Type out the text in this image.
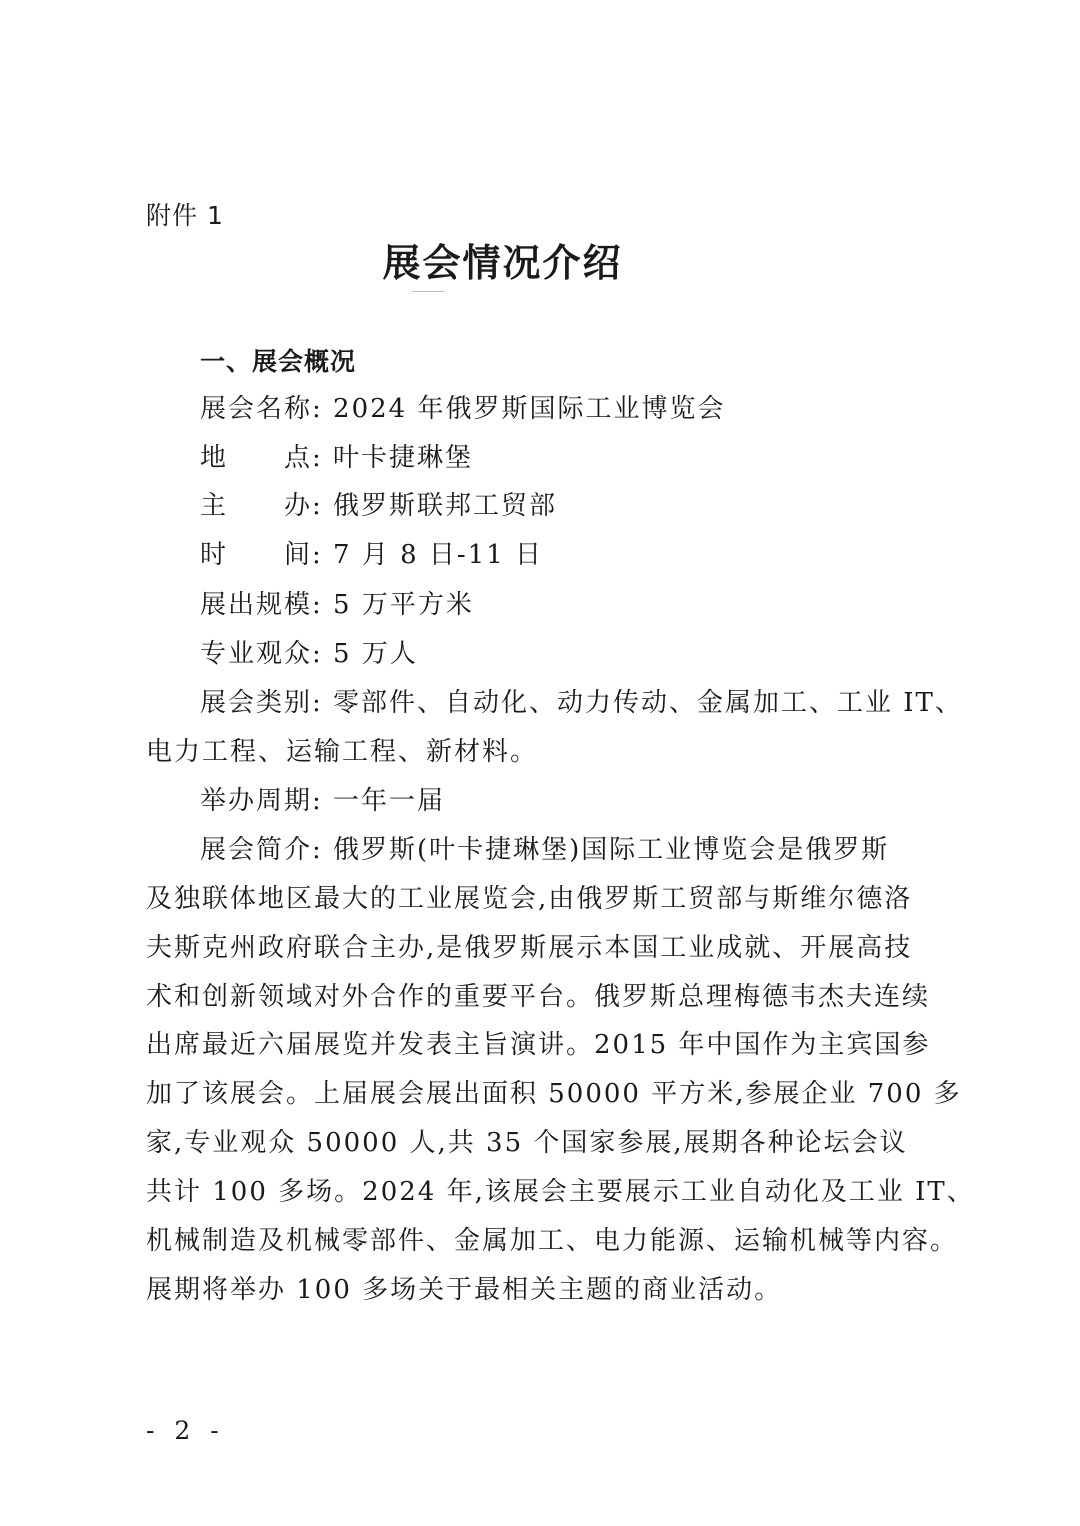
附件 1
展会情况介绍
一、展会概况
展会名称: 2024 年俄罗斯国际工业博览会
地　　点: 叶卡捷琳堡
主　　办: 俄罗斯联邦工贸部
时　　间: 7 月 8 日-11 日
展出规模: 5 万平方米
专业观众: 5 万人
展会类别: 零部件、自动化、动力传动、金属加工、工业 IT、
电力工程、运输工程、新材料。
举办周期: 一年一届
展会简介: 俄罗斯(叶卡捷琳堡)国际工业博览会是俄罗斯
及独联体地区最大的工业展览会,由俄罗斯工贸部与斯维尔德洛
夫斯克州政府联合主办,是俄罗斯展示本国工业成就、开展高技
术和创新领域对外合作的重要平台。俄罗斯总理梅德韦杰夫连续
出席最近六届展览并发表主旨演讲。2015 年中国作为主宾国参
加了该展会。上届展会展出面积 50000 平方米,参展企业 700 多
家,专业观众 50000 人,共 35 个国家参展,展期各种论坛会议
共计 100 多场。2024 年,该展会主要展示工业自动化及工业 IT、
机械制造及机械零部件、金属加工、电力能源、运输机械等内容。
展期将举办 100 多场关于最相关主题的商业活动。
- 2 -
